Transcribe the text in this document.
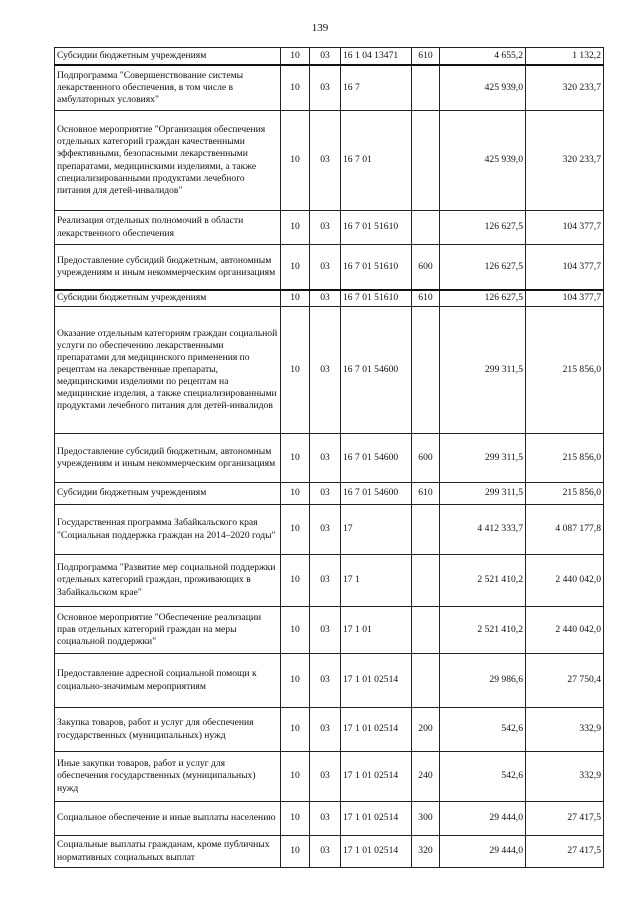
139
Субсидии бюджетным учреждениям	10	03	16 1 04 13471	610	4 655,2	1 132,2
Подпрограмма "Совершенствование системы лекарственного обеспечения, в том числе в амбулаторных условиях"	10	03	16 7		425 939,0	320 233,7
Основное мероприятие "Организация обеспечения отдельных категорий граждан качественными эффективными, безопасными лекарственными препаратами, медицинскими изделиями, а также специализированными продуктами лечебного питания для детей-инвалидов"	10	03	16 7 01		425 939,0	320 233,7
Реализация отдельных полномочий в области лекарственного обеспечения	10	03	16 7 01 51610		126 627,5	104 377,7
Предоставление субсидий бюджетным, автономным учреждениям и иным некоммерческим организациям	10	03	16 7 01 51610	600	126 627,5	104 377,7
Субсидии бюджетным учреждениям	10	03	16 7 01 51610	610	126 627,5	104 377,7
Оказание отдельным категориям граждан социальной услуги по обеспечению лекарственными препаратами для медицинского применения по рецептам на лекарственные препараты, медицинскими изделиями по рецептам на медицинские изделия, а также специализированными продуктами лечебного питания для детей-инвалидов	10	03	16 7 01 54600		299 311,5	215 856,0
Предоставление субсидий бюджетным, автономным учреждениям и иным некоммерческим организациям	10	03	16 7 01 54600	600	299 311,5	215 856,0
Субсидии бюджетным учреждениям	10	03	16 7 01 54600	610	299 311,5	215 856,0
Государственная программа Забайкальского края "Социальная поддержка граждан на 2014–2020 годы"	10	03	17		4 412 333,7	4 087 177,8
Подпрограмма "Развитие мер социальной поддержки отдельных категорий граждан, проживающих в Забайкальском крае"	10	03	17 1		2 521 410,2	2 440 042,0
Основное мероприятие "Обеспечение реализации прав отдельных категорий граждан на меры социальной поддержки"	10	03	17 1 01		2 521 410,2	2 440 042,0
Предоставление адресной социальной помощи к социально-значимым мероприятиям	10	03	17 1 01 02514		29 986,6	27 750,4
Закупка товаров, работ и услуг для обеспечения государственных (муниципальных) нужд	10	03	17 1 01 02514	200	542,6	332,9
Иные закупки товаров, работ и услуг для обеспечения государственных (муниципальных) нужд	10	03	17 1 01 02514	240	542,6	332,9
Социальное обеспечение и иные выплаты населению	10	03	17 1 01 02514	300	29 444,0	27 417,5
Социальные выплаты гражданам, кроме публичных нормативных социальных выплат	10	03	17 1 01 02514	320	29 444,0	27 417,5
